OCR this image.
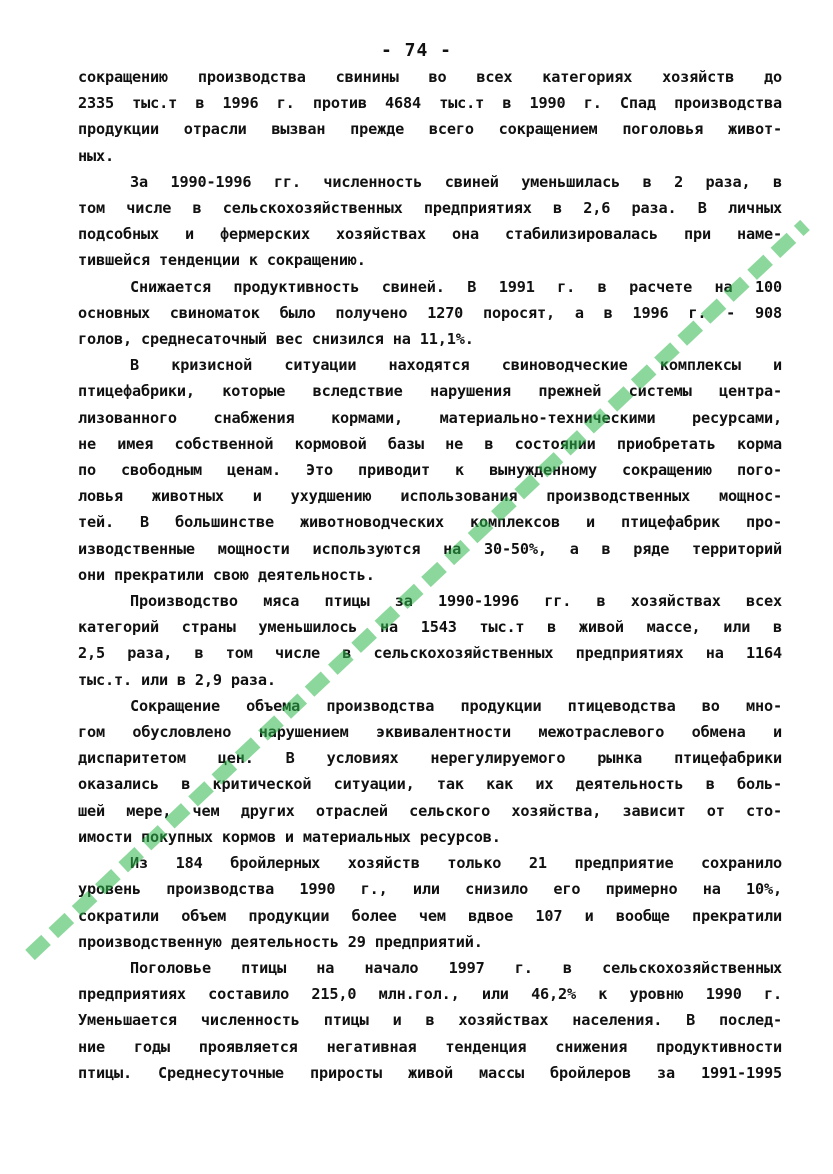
- 74 -
сокращению производства свинины во всех категориях хозяйств до
2335 тыс.т в 1996 г. против 4684 тыс.т в 1990 г. Спад производства
продукции отрасли вызван прежде всего сокращением поголовья живот-
ных.
За 1990-1996 гг. численность свиней уменьшилась в 2 раза, в
том числе в сельскохозяйственных предприятиях в 2,6 раза. В личных
подсобных и фермерских хозяйствах она стабилизировалась при наме-
тившейся тенденции к сокращению.
Снижается продуктивность свиней. В 1991 г. в расчете на 100
основных свиноматок было получено 1270 поросят, а в 1996 г. - 908
голов, среднесаточный вес снизился на 11,1%.
В кризисной ситуации находятся свиноводческие комплексы и
птицефабрики, которые вследствие нарушения прежней системы центра-
лизованного снабжения кормами, материально-техническими ресурсами,
не имея собственной кормовой базы не в состоянии приобретать корма
по свободным ценам. Это приводит к вынужденному сокращению пого-
ловья животных и ухудшению использования производственных мощнос-
тей. В большинстве животноводческих комплексов и птицефабрик про-
изводственные мощности используются на 30-50%, а в ряде территорий
они прекратили свою деятельность.
Производство мяса птицы за 1990-1996 гг. в хозяйствах всех
категорий страны уменьшилось на 1543 тыс.т в живой массе, или в
2,5 раза, в том числе в сельскохозяйственных предприятиях на 1164
тыс.т. или в 2,9 раза.
Сокращение объема производства продукции птицеводства во мно-
гом обусловлено нарушением эквивалентности межотраслевого обмена и
диспаритетом цен. В условиях нерегулируемого рынка птицефабрики
оказались в критической ситуации, так как их деятельность в боль-
шей мере, чем других отраслей сельского хозяйства, зависит от сто-
имости покупных кормов и материальных ресурсов.
Из 184 бройлерных хозяйств только 21 предприятие сохранило
уровень производства 1990 г., или снизило его примерно на 10%,
сократили объем продукции более чем вдвое 107 и вообще прекратили
производственную деятельность 29 предприятий.
Поголовье птицы на начало 1997 г. в сельскохозяйственных
предприятиях составило 215,0 млн.гол., или 46,2% к уровню 1990 г.
Уменьшается численность птицы и в хозяйствах населения. В послед-
ние годы проявляется негативная тенденция снижения продуктивности
птицы. Среднесуточные приросты живой массы бройлеров за 1991-1995
